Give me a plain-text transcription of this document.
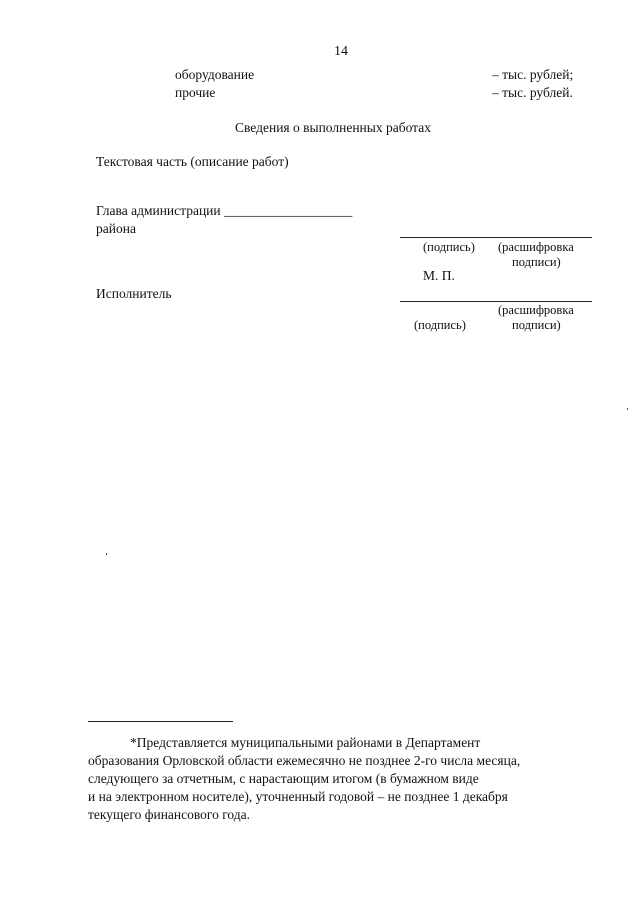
14
оборудование	– тыс. рублей;
прочие	– тыс. рублей.
Сведения о выполненных работах
Текстовая часть (описание работ)
Глава администрации ___________________
района
(подпись) (расшифровка
подписи)
М. П.
Исполнитель
(расшифровка
(подпись)	подписи)

*Представляется муниципальными районами в Департамент

образования Орловской области ежемесячно не позднее 2-го числа месяца,

следующего за отчетным, с нарастающим итогом (в бумажном виде

и на электронном носителе), уточненный годовой – не позднее 1 декабря

текущего финансового года.
